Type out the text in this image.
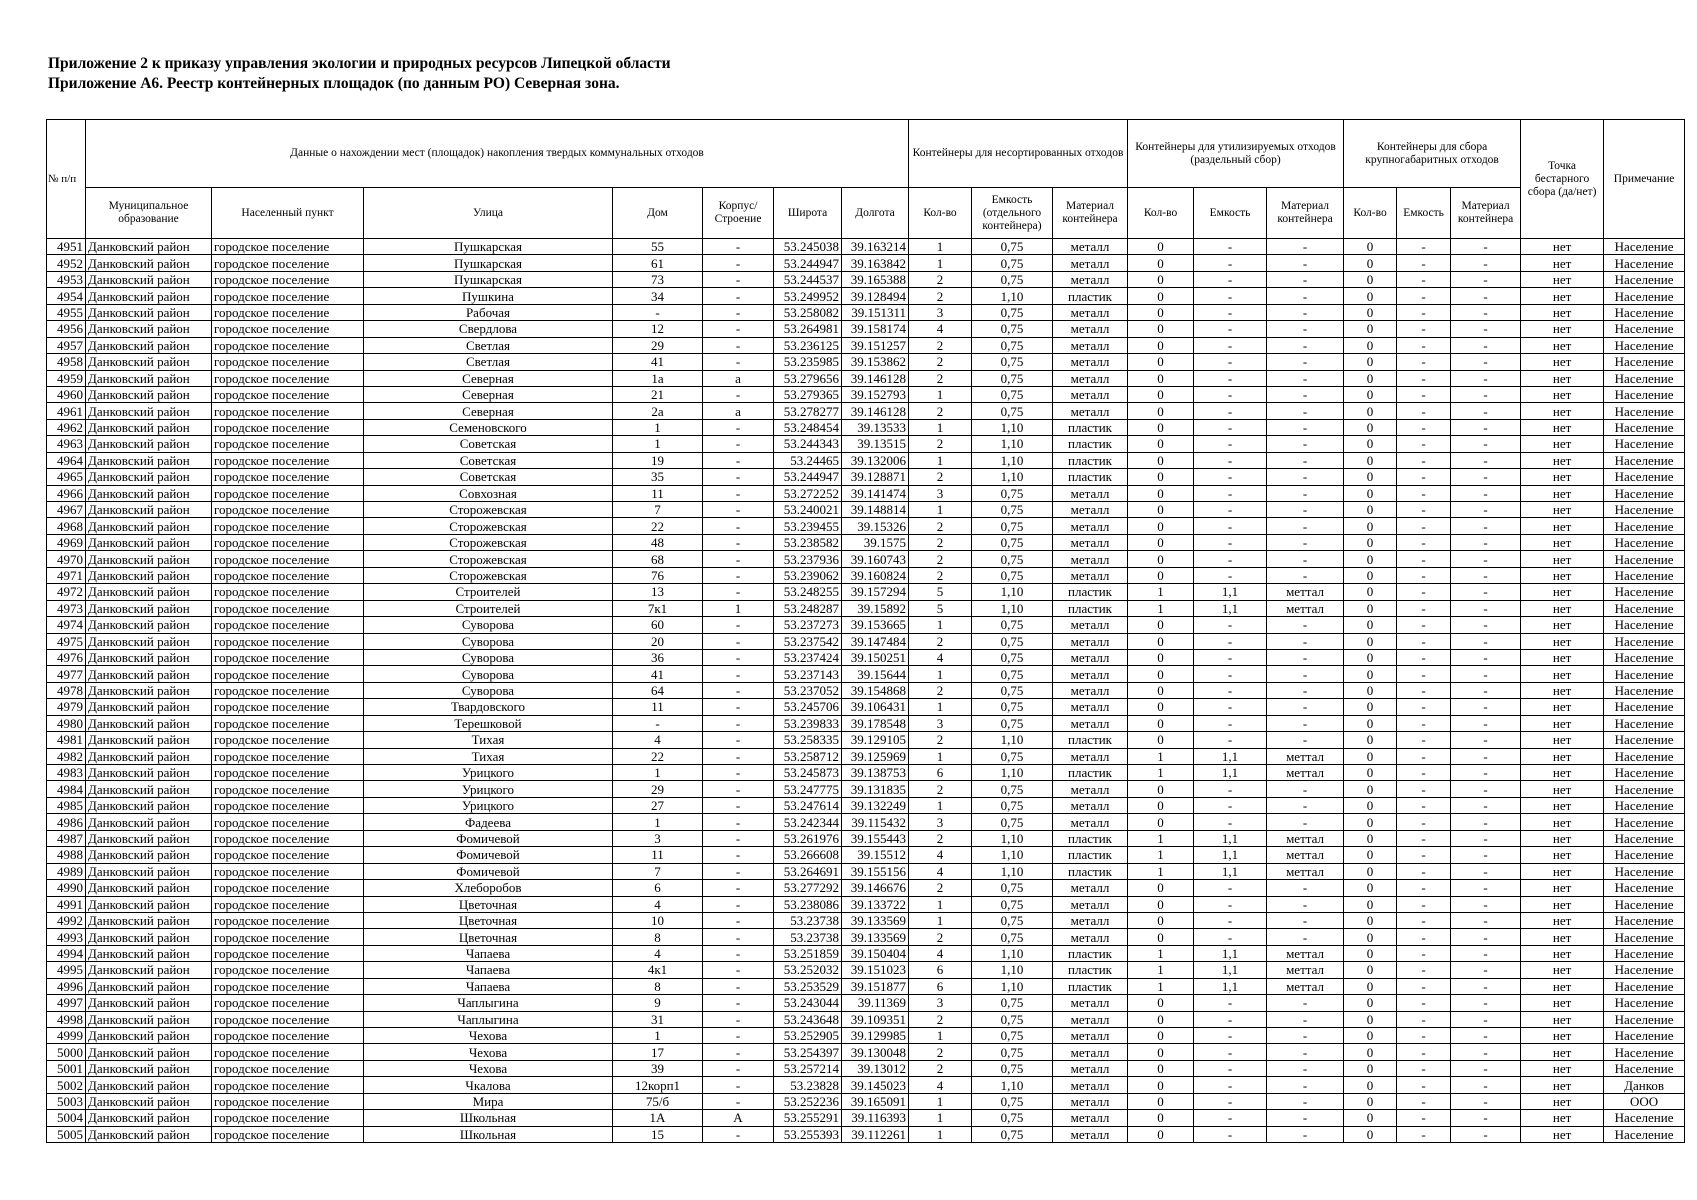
Приложение 2 к приказу управления экологии и природных ресурсов Липецкой области
Приложение А6. Реестр контейнерных площадок (по данным РО) Северная зона.
№ п/п	Данные о нахождении мест (площадок) накопления твердых коммунальных отходов							Контейнеры для несортированных отходов			Контейнеры для утилизируемых отходов (раздельный сбор)			Контейнеры для сбора крупногабаритных отходов			Точка бестарного сбора (да/нет)	Примечание
	Муниципальное образование	Населенный пункт	Улица	Дом	Корпус/ Строение	Широта	Долгота	Кол-во	Емкость (отдельного контейнера)	Материал контейнера	Кол-во	Емкость	Материал контейнера	Кол-во	Емкость	Материал контейнера		
4951	Данковский район	городское поселение	Пушкарская	55	-	53.245038	39.163214	1	0,75	металл	0	-	-	0	-	-	нет	Население
4952	Данковский район	городское поселение	Пушкарская	61	-	53.244947	39.163842	1	0,75	металл	0	-	-	0	-	-	нет	Население
4953	Данковский район	городское поселение	Пушкарская	73	-	53.244537	39.165388	2	0,75	металл	0	-	-	0	-	-	нет	Население
4954	Данковский район	городское поселение	Пушкина	34	-	53.249952	39.128494	2	1,10	пластик	0	-	-	0	-	-	нет	Население
4955	Данковский район	городское поселение	Рабочая	-	-	53.258082	39.151311	3	0,75	металл	0	-	-	0	-	-	нет	Население
4956	Данковский район	городское поселение	Свердлова	12	-	53.264981	39.158174	4	0,75	металл	0	-	-	0	-	-	нет	Население
4957	Данковский район	городское поселение	Светлая	29	-	53.236125	39.151257	2	0,75	металл	0	-	-	0	-	-	нет	Население
4958	Данковский район	городское поселение	Светлая	41	-	53.235985	39.153862	2	0,75	металл	0	-	-	0	-	-	нет	Население
4959	Данковский район	городское поселение	Северная	1а	а	53.279656	39.146128	2	0,75	металл	0	-	-	0	-	-	нет	Население
4960	Данковский район	городское поселение	Северная	21	-	53.279365	39.152793	1	0,75	металл	0	-	-	0	-	-	нет	Население
4961	Данковский район	городское поселение	Северная	2а	а	53.278277	39.146128	2	0,75	металл	0	-	-	0	-	-	нет	Население
4962	Данковский район	городское поселение	Семеновского	1	-	53.248454	39.13533	1	1,10	пластик	0	-	-	0	-	-	нет	Население
4963	Данковский район	городское поселение	Советская	1	-	53.244343	39.13515	2	1,10	пластик	0	-	-	0	-	-	нет	Население
4964	Данковский район	городское поселение	Советская	19	-	53.24465	39.132006	1	1,10	пластик	0	-	-	0	-	-	нет	Население
4965	Данковский район	городское поселение	Советская	35	-	53.244947	39.128871	2	1,10	пластик	0	-	-	0	-	-	нет	Население
4966	Данковский район	городское поселение	Совхозная	11	-	53.272252	39.141474	3	0,75	металл	0	-	-	0	-	-	нет	Население
4967	Данковский район	городское поселение	Сторожевская	7	-	53.240021	39.148814	1	0,75	металл	0	-	-	0	-	-	нет	Население
4968	Данковский район	городское поселение	Сторожевская	22	-	53.239455	39.15326	2	0,75	металл	0	-	-	0	-	-	нет	Население
4969	Данковский район	городское поселение	Сторожевская	48	-	53.238582	39.1575	2	0,75	металл	0	-	-	0	-	-	нет	Население
4970	Данковский район	городское поселение	Сторожевская	68	-	53.237936	39.160743	2	0,75	металл	0	-	-	0	-	-	нет	Население
4971	Данковский район	городское поселение	Сторожевская	76	-	53.239062	39.160824	2	0,75	металл	0	-	-	0	-	-	нет	Население
4972	Данковский район	городское поселение	Строителей	13	-	53.248255	39.157294	5	1,10	пластик	1	1,1	меттал	0	-	-	нет	Население
4973	Данковский район	городское поселение	Строителей	7к1	1	53.248287	39.15892	5	1,10	пластик	1	1,1	меттал	0	-	-	нет	Население
4974	Данковский район	городское поселение	Суворова	60	-	53.237273	39.153665	1	0,75	металл	0	-	-	0	-	-	нет	Население
4975	Данковский район	городское поселение	Суворова	20	-	53.237542	39.147484	2	0,75	металл	0	-	-	0	-	-	нет	Население
4976	Данковский район	городское поселение	Суворова	36	-	53.237424	39.150251	4	0,75	металл	0	-	-	0	-	-	нет	Население
4977	Данковский район	городское поселение	Суворова	41	-	53.237143	39.15644	1	0,75	металл	0	-	-	0	-	-	нет	Население
4978	Данковский район	городское поселение	Суворова	64	-	53.237052	39.154868	2	0,75	металл	0	-	-	0	-	-	нет	Население
4979	Данковский район	городское поселение	Твардовского	11	-	53.245706	39.106431	1	0,75	металл	0	-	-	0	-	-	нет	Население
4980	Данковский район	городское поселение	Терешковой	-	-	53.239833	39.178548	3	0,75	металл	0	-	-	0	-	-	нет	Население
4981	Данковский район	городское поселение	Тихая	4	-	53.258335	39.129105	2	1,10	пластик	0	-	-	0	-	-	нет	Население
4982	Данковский район	городское поселение	Тихая	22	-	53.258712	39.125969	1	0,75	металл	1	1,1	меттал	0	-	-	нет	Население
4983	Данковский район	городское поселение	Урицкого	1	-	53.245873	39.138753	6	1,10	пластик	1	1,1	меттал	0	-	-	нет	Население
4984	Данковский район	городское поселение	Урицкого	29	-	53.247775	39.131835	2	0,75	металл	0	-	-	0	-	-	нет	Население
4985	Данковский район	городское поселение	Урицкого	27	-	53.247614	39.132249	1	0,75	металл	0	-	-	0	-	-	нет	Население
4986	Данковский район	городское поселение	Фадеева	1	-	53.242344	39.115432	3	0,75	металл	0	-	-	0	-	-	нет	Население
4987	Данковский район	городское поселение	Фомичевой	3	-	53.261976	39.155443	2	1,10	пластик	1	1,1	меттал	0	-	-	нет	Население
4988	Данковский район	городское поселение	Фомичевой	11	-	53.266608	39.15512	4	1,10	пластик	1	1,1	меттал	0	-	-	нет	Население
4989	Данковский район	городское поселение	Фомичевой	7	-	53.264691	39.155156	4	1,10	пластик	1	1,1	меттал	0	-	-	нет	Население
4990	Данковский район	городское поселение	Хлеборобов	6	-	53.277292	39.146676	2	0,75	металл	0	-	-	0	-	-	нет	Население
4991	Данковский район	городское поселение	Цветочная	4	-	53.238086	39.133722	1	0,75	металл	0	-	-	0	-	-	нет	Население
4992	Данковский район	городское поселение	Цветочная	10	-	53.23738	39.133569	1	0,75	металл	0	-	-	0	-	-	нет	Население
4993	Данковский район	городское поселение	Цветочная	8	-	53.23738	39.133569	2	0,75	металл	0	-	-	0	-	-	нет	Население
4994	Данковский район	городское поселение	Чапаева	4	-	53.251859	39.150404	4	1,10	пластик	1	1,1	меттал	0	-	-	нет	Население
4995	Данковский район	городское поселение	Чапаева	4к1	-	53.252032	39.151023	6	1,10	пластик	1	1,1	меттал	0	-	-	нет	Население
4996	Данковский район	городское поселение	Чапаева	8	-	53.253529	39.151877	6	1,10	пластик	1	1,1	меттал	0	-	-	нет	Население
4997	Данковский район	городское поселение	Чаплыгина	9	-	53.243044	39.11369	3	0,75	металл	0	-	-	0	-	-	нет	Население
4998	Данковский район	городское поселение	Чаплыгина	31	-	53.243648	39.109351	2	0,75	металл	0	-	-	0	-	-	нет	Население
4999	Данковский район	городское поселение	Чехова	1	-	53.252905	39.129985	1	0,75	металл	0	-	-	0	-	-	нет	Население
5000	Данковский район	городское поселение	Чехова	17	-	53.254397	39.130048	2	0,75	металл	0	-	-	0	-	-	нет	Население
5001	Данковский район	городское поселение	Чехова	39	-	53.257214	39.13012	2	0,75	металл	0	-	-	0	-	-	нет	Население
5002	Данковский район	городское поселение	Чкалова	12корп1	-	53.23828	39.145023	4	1,10	металл	0	-	-	0	-	-	нет	Данков
5003	Данковский район	городское поселение	Мира	75/б	-	53.252236	39.165091	1	0,75	металл	0	-	-	0	-	-	нет	ООО
5004	Данковский район	городское поселение	Школьная	1А	А	53.255291	39.116393	1	0,75	металл	0	-	-	0	-	-	нет	Население
5005	Данковский район	городское поселение	Школьная	15	-	53.255393	39.112261	1	0,75	металл	0	-	-	0	-	-	нет	Население
